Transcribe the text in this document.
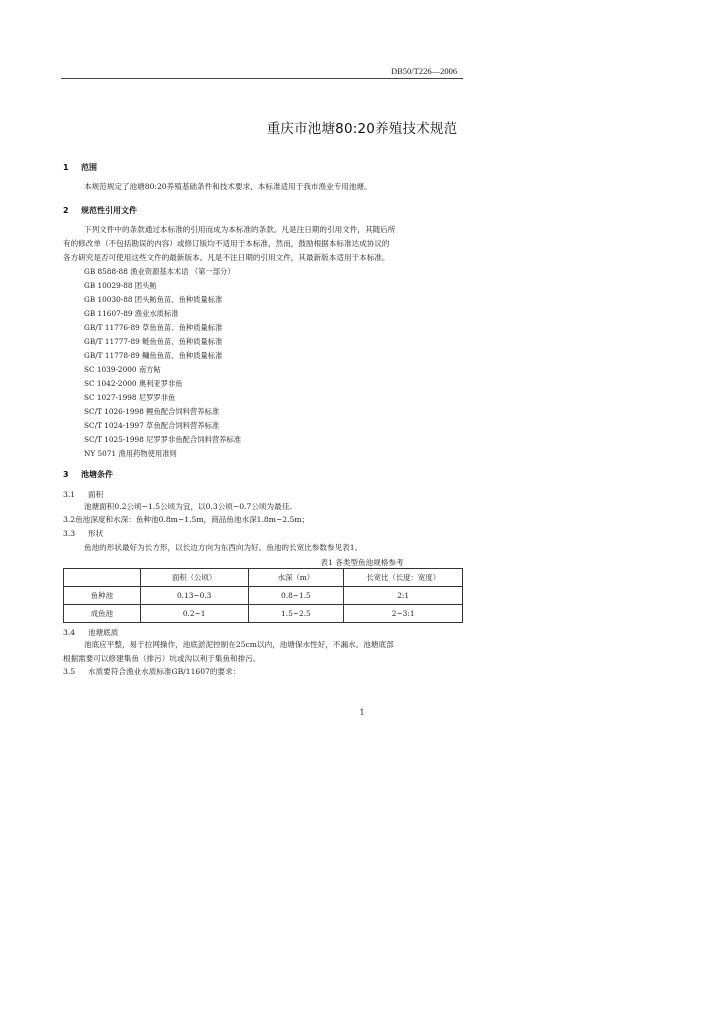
DB50/T226—2006
重庆市池塘80:20养殖技术规范
1 范围
本规范规定了池塘80:20养殖基础条件和技术要求，本标准适用于我市渔业专用池塘。
2 规范性引用文件
下列文件中的条款通过本标准的引用而成为本标准的条款。凡是注日期的引用文件，其随后所
有的修改单（不包括勘误的内容）或修订版均不适用于本标准，然而，鼓励根据本标准达成协议的
各方研究是否可使用这些文件的最新版本。凡是不注日期的引用文件，其最新版本适用于本标准。
GB 8588-88 渔业资源基本术语 （第一部分）
GB 10029-88 团头鲂
GB 10030-88 团头鲂鱼苗、鱼种质量标准
GB 11607-89 渔业水质标准
GB/T 11776-89 草鱼鱼苗、鱼种质量标准
GB/T 11777-89 鲢鱼鱼苗、鱼种质量标准
GB/T 11778-89 鳙鱼鱼苗、鱼种质量标准
SC 1039-2000 南方鲇
SC 1042-2000 奥利亚罗非鱼
SC 1027-1998 尼罗罗非鱼
SC/T 1026-1998 鲤鱼配合饲料营养标准
SC/T 1024-1997 草鱼配合饲料营养标准
SC/T 1025-1998 尼罗罗非鱼配合饲料营养标准
NY 5071 渔用药物使用准则
3 池塘条件
3.1 面积
池塘面积0.2公顷~1.5公顷为宜，以0.3公顷~0.7公顷为最佳。
3.2鱼池深度和水深：鱼种池0.8m~1.5m，商品鱼池水深1.8m~2.5m；
3.3 形状
鱼池的形状最好为长方形，以长边方向为东西向为好。鱼池的长宽比参数参见表1。
表1 各类型鱼池规格参考
	面积（公顷）	水深（m）	长宽比（长度：宽度）
鱼种池	0.13~0.3	0.8~1.5	2:1
成鱼池	0.2~1	1.5~2.5	2~3:1
3.4 池塘底质
池底应平整，易于拉网操作，池底淤泥控制在25cm以内，池塘保水性好，不漏水。池塘底部
根据需要可以修建集鱼（排污）坑或沟以利于集鱼和排污。
3.5 水质要符合渔业水质标准GB/11607的要求：
1
